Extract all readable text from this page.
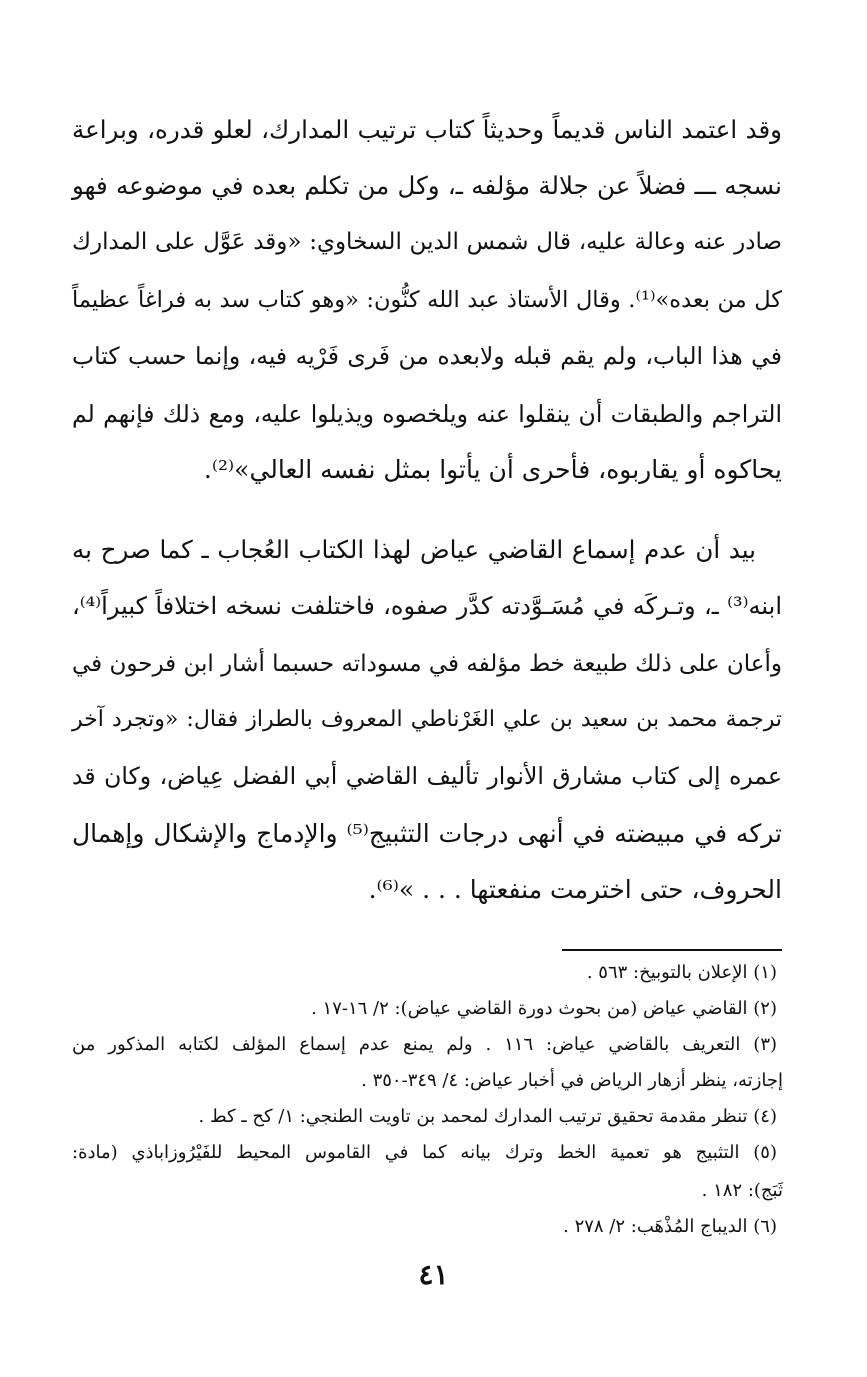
وقد اعتمد الناس قديماً وحديثاً كتاب ترتيب المدارك، لعلو قدره، وبراعة
نسجه ـــ فضلاً عن جلالة مؤلفه ـ، وكل من تكلم بعده في موضوعه فهو
صادر عنه وعالة عليه، قال شمس الدين السخاوي: «وقد عَوَّل على المدارك
كل من بعده»⁽¹⁾. وقال الأستاذ عبد الله كنُّون: «وهو كتاب سد به فراغاً عظيماً
في هذا الباب، ولم يقم قبله ولابعده من فَرى فَرْيه فيه، وإنما حسب كتاب
التراجم والطبقات أن ينقلوا عنه ويلخصوه ويذيلوا عليه، ومع ذلك فإنهم لم
يحاكوه أو يقاربوه، فأحرى أن يأتوا بمثل نفسه العالي»⁽²⁾.
بيد أن عدم إسماع القاضي عياض لهذا الكتاب العُجاب ـ كما صرح به
ابنه⁽³⁾ ـ، وتـركَه في مُسَـوَّدته كدَّر صفوه، فاختلفت نسخه اختلافاً كبيراً⁽⁴⁾،
وأعان على ذلك طبيعة خط مؤلفه في مسوداته حسبما أشار ابن فرحون في
ترجمة محمد بن سعيد بن علي الغَرْناطي المعروف بالطراز فقال: «وتجرد آخر
عمره إلى كتاب مشارق الأنوار تأليف القاضي أبي الفضل عِياض، وكان قد
تركه في مبيضته في أنهى درجات التثبيج⁽⁵⁾ والإدماج والإشكال وإهمال
الحروف، حتى اخترمت منفعتها . . . »⁽⁶⁾.
(١) الإعلان بالتوبيخ: ٥٦٣ .
(٢) القاضي عياض (من بحوث دورة القاضي عياض): ٢/ ١٦-١٧ .
(٣) التعريف بالقاضي عياض: ١١٦ . ولم يمنع عدم إسماع المؤلف لكتابه المذكور من
إجازته، ينظر أزهار الرياض في أخبار عياض: ٤/ ٣٤٩-٣٥٠ .
(٤) تنظر مقدمة تحقيق ترتيب المدارك لمحمد بن تاويت الطنجي: ١/ كح ـ كط .
(٥) التثبيج هو تعمية الخط وترك بيانه كما في القاموس المحيط للفَيْرُوزاباذي (مادة:
ثَبَج): ١٨٢ .
(٦) الديباج المُذْهَب: ٢/ ٢٧٨ .
٤١
